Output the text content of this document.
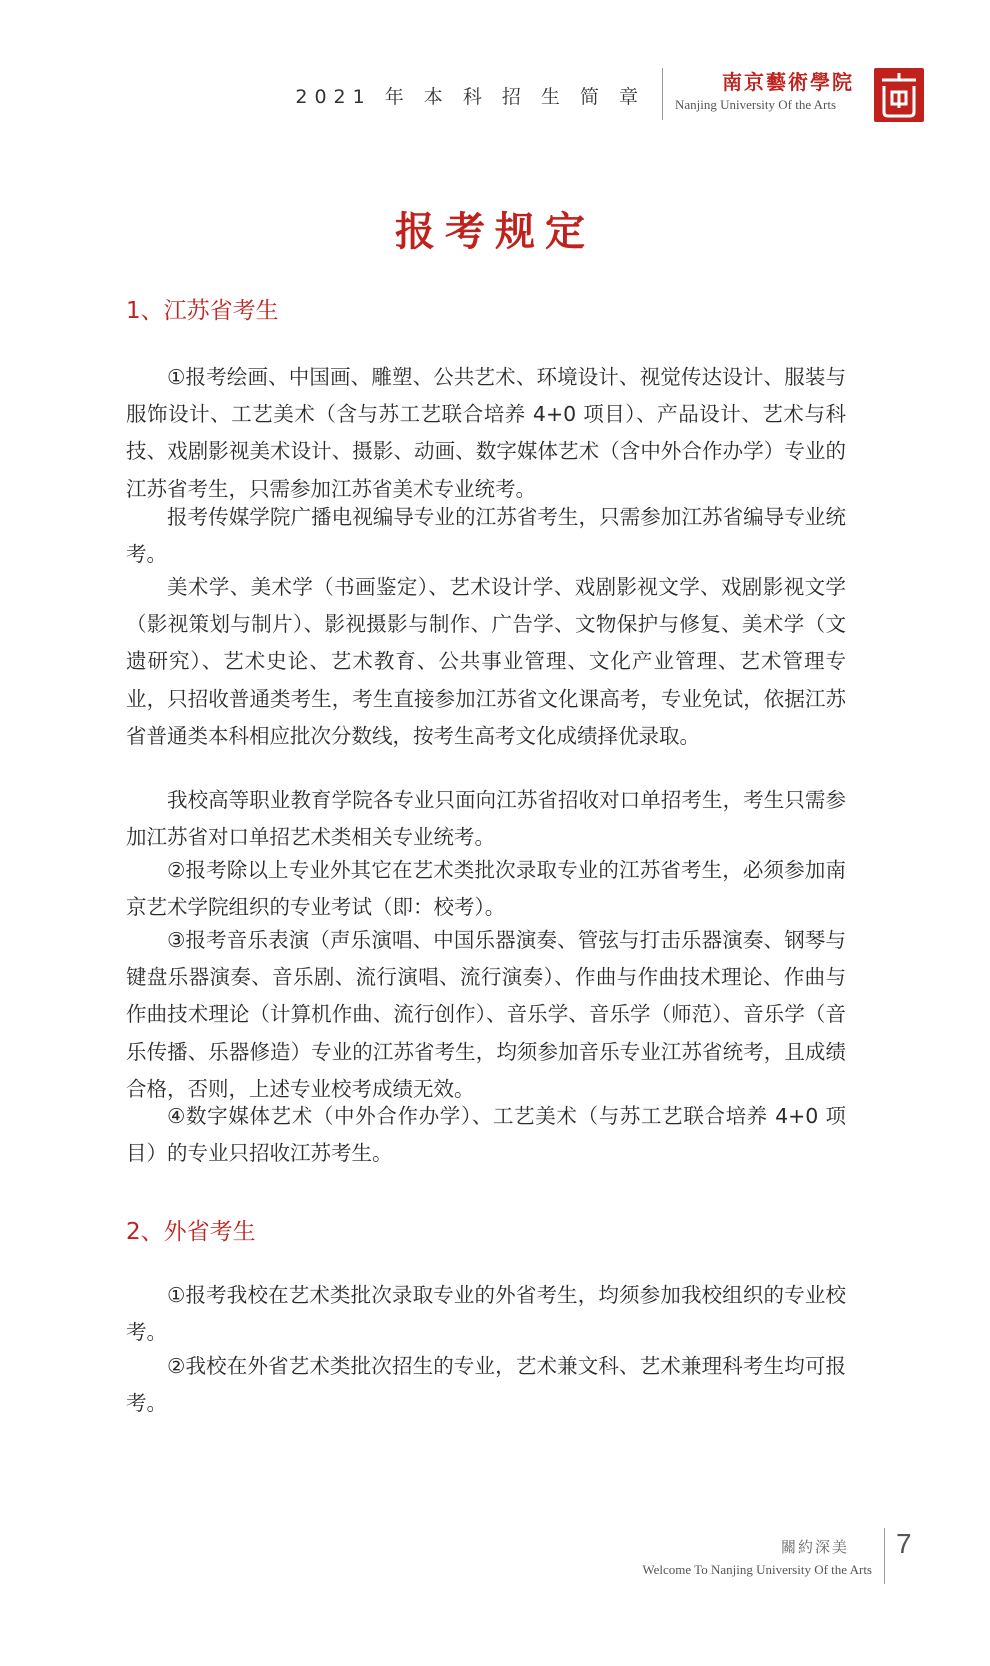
2021 年 本 科 招 生 简 章
南京藝術學院
Nanjing University Of the Arts
报考规定
1、江苏省考生
①报考绘画、中国画、雕塑、公共艺术、环境设计、视觉传达设计、服装与服饰设计、工艺美术（含与苏工艺联合培养 4+0 项目）、产品设计、艺术与科技、戏剧影视美术设计、摄影、动画、数字媒体艺术（含中外合作办学）专业的江苏省考生，只需参加江苏省美术专业统考。
报考传媒学院广播电视编导专业的江苏省考生，只需参加江苏省编导专业统考。
美术学、美术学（书画鉴定）、艺术设计学、戏剧影视文学、戏剧影视文学（影视策划与制片）、影视摄影与制作、广告学、文物保护与修复、美术学（文遗研究）、艺术史论、艺术教育、公共事业管理、文化产业管理、艺术管理专业，只招收普通类考生，考生直接参加江苏省文化课高考，专业免试，依据江苏省普通类本科相应批次分数线，按考生高考文化成绩择优录取。
我校高等职业教育学院各专业只面向江苏省招收对口单招考生，考生只需参加江苏省对口单招艺术类相关专业统考。
②报考除以上专业外其它在艺术类批次录取专业的江苏省考生，必须参加南京艺术学院组织的专业考试（即：校考）。
③报考音乐表演（声乐演唱、中国乐器演奏、管弦与打击乐器演奏、钢琴与键盘乐器演奏、音乐剧、流行演唱、流行演奏）、作曲与作曲技术理论、作曲与作曲技术理论（计算机作曲、流行创作）、音乐学、音乐学（师范）、音乐学（音乐传播、乐器修造）专业的江苏省考生，均须参加音乐专业江苏省统考，且成绩合格，否则，上述专业校考成绩无效。
④数字媒体艺术（中外合作办学）、工艺美术（与苏工艺联合培养 4+0 项目）的专业只招收江苏考生。
2、外省考生
①报考我校在艺术类批次录取专业的外省考生，均须参加我校组织的专业校考。
②我校在外省艺术类批次招生的专业，艺术兼文科、艺术兼理科考生均可报考。
關約深美
Welcome To Nanjing University Of the Arts
7
